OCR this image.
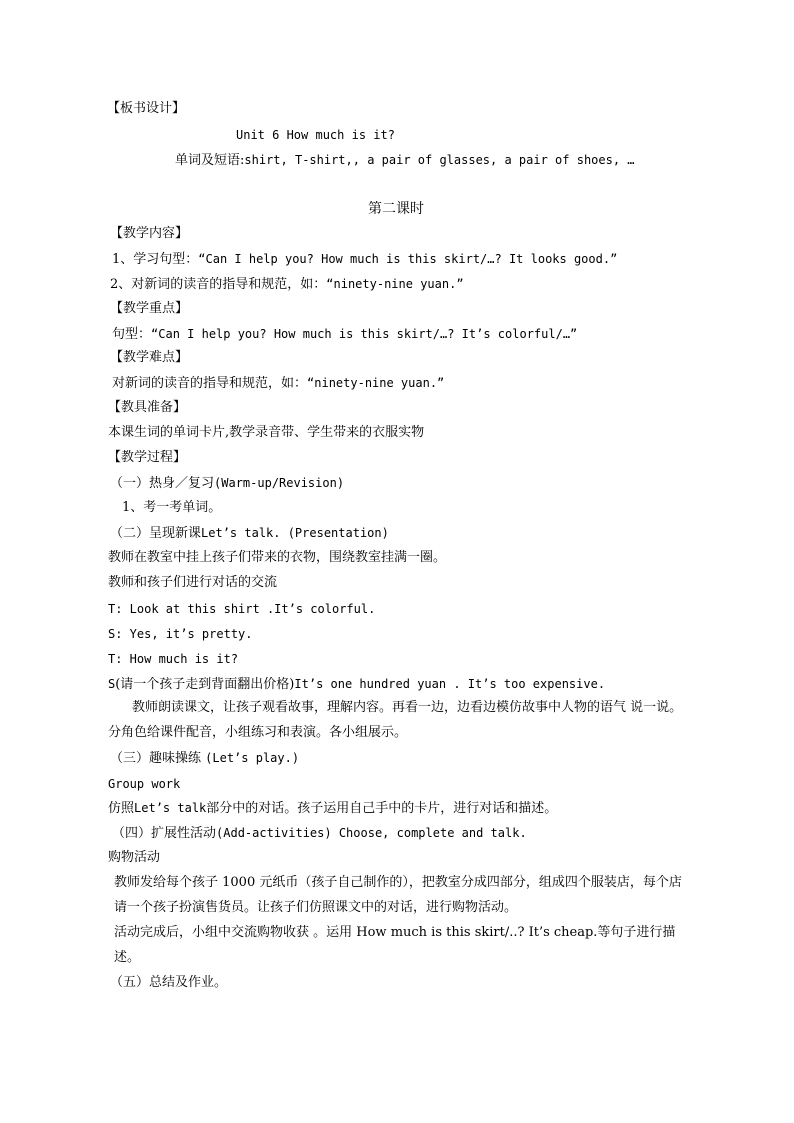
【板书设计】
Unit 6 How much is it?
单词及短语:shirt, T-shirt,, a pair of glasses, a pair of shoes, …
第二课时
【教学内容】
1、学习句型：“Can I help you? How much is this skirt/…? It looks good.”
2、对新词的读音的指导和规范，如：“ninety-nine yuan.”
【教学重点】
句型：“Can I help you? How much is this skirt/…? It’s colorful/…”
【教学难点】
对新词的读音的指导和规范，如：“ninety-nine yuan.”
【教具准备】
本课生词的单词卡片,教学录音带、学生带来的衣服实物
【教学过程】
（一）热身／复习(Warm-up/Revision)
1、考一考单词。
（二）呈现新课Let’s talk. (Presentation)
教师在教室中挂上孩子们带来的衣物，围绕教室挂满一圈。
教师和孩子们进行对话的交流
T: Look at this shirt .It’s colorful.
S: Yes, it’s pretty.
T: How much is it?
S(请一个孩子走到背面翻出价格)It’s one hundred yuan . It’s too expensive.
教师朗读课文，让孩子观看故事，理解内容。再看一边，边看边模仿故事中人物的语气 说一说。
分角色给课件配音，小组练习和表演。各小组展示。
（三）趣味操练 (Let’s play.)
Group work
仿照Let’s talk部分中的对话。孩子运用自己手中的卡片，进行对话和描述。
（四）扩展性活动(Add-activities) Choose, complete and talk.
购物活动
教师发给每个孩子 1000 元纸币（孩子自己制作的），把教室分成四部分，组成四个服装店，每个店
请一个孩子扮演售货员。让孩子们仿照课文中的对话，进行购物活动。
活动完成后，小组中交流购物收获 。运用 How much is this skirt/..? It’s cheap.等句子进行描
述。
（五）总结及作业。
